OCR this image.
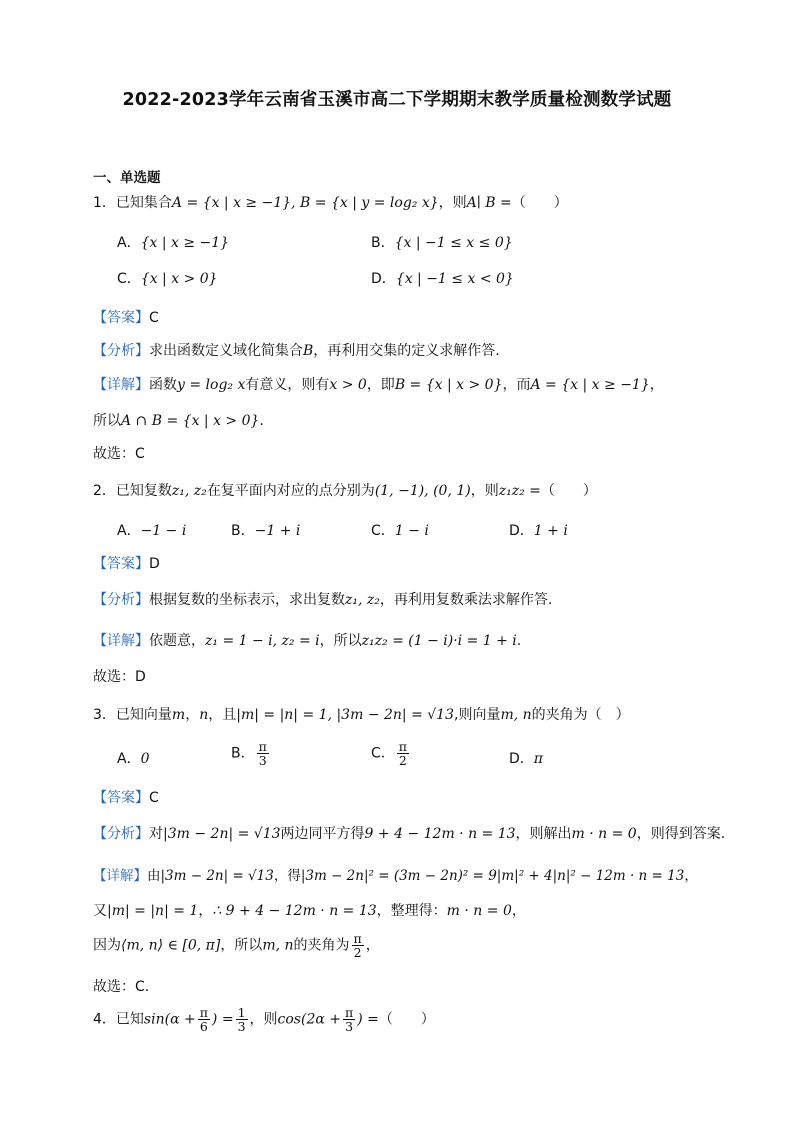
2022-2023学年云南省玉溪市高二下学期期末教学质量检测数学试题
一、单选题
1．已知集合A = {x | x ≥ −1}, B = {x | y = log₂ x}，则A∣ B =（　　）
A．{x | x ≥ −1}	B．{x | −1 ≤ x ≤ 0}
C．{x | x > 0}	D．{x | −1 ≤ x < 0}
【答案】C
【分析】求出函数定义域化简集合B，再利用交集的定义求解作答.
【详解】函数y = log₂ x有意义，则有x > 0，即B = {x | x > 0}，而A = {x | x ≥ −1}，
所以A ∩ B = {x | x > 0}.
故选：C
2．已知复数z₁, z₂在复平面内对应的点分别为(1, −1), (0, 1)，则z₁z₂ =（　　）
A．−1 − i	B．−1 + i	C．1 − i	D．1 + i
【答案】D
【分析】根据复数的坐标表示，求出复数z₁, z₂，再利用复数乘法求解作答.
【详解】依题意，z₁ = 1 − i, z₂ = i，所以z₁z₂ = (1 − i)·i = 1 + i.
故选：D
3．已知向量m，n，且|m| = |n| = 1, |3m − 2n| = √13,则向量m, n的夹角为（　）
A．0	B． $\frac{\pi}{3}$	C． $\frac{\pi}{2}$	D．π
【答案】C
【分析】对|3m − 2n| = √13两边同平方得9 + 4 − 12m · n = 13，则解出m · n = 0，则得到答案.
【详解】由|3m − 2n| = √13，得|3m − 2n|² = (3m − 2n)² = 9|m|² + 4|n|² − 12m · n = 13，
又|m| = |n| = 1，∴ 9 + 4 − 12m · n = 13，整理得：m · n = 0，
因为⟨m, n⟩ ∈ [0, π]，所以m, n的夹角为 $\frac{\pi}{2}$ ，
故选：C.
4．已知$\sin(\alpha + \frac{\pi}{6}$ ) = $\frac{1}{3}$ ，则$\cos(2\alpha + \frac{\pi}{3}$ ) =（　　）
